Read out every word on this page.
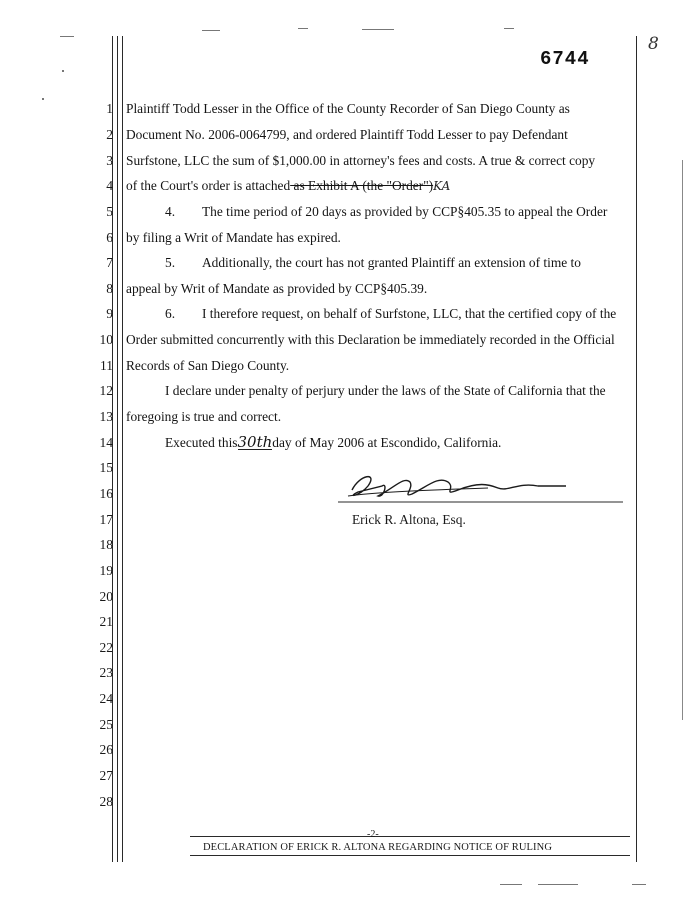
6744
8
1
2
3
4
5
6
7
8
9
10
11
12
13
14
15
16
17
18
19
20
21
22
23
24
25
26
27
28
Plaintiff Todd Lesser in the Office of the County Recorder of San Diego County as
Document No. 2006-0064799, and ordered Plaintiff Todd Lesser to pay Defendant
Surfstone, LLC the sum of $1,000.00 in attorney's fees and costs. A true & correct copy
of the Court's order is attached as Exhibit A (the "Order")KA
4. The time period of 20 days as provided by CCP§405.35 to appeal the Order
by filing a Writ of Mandate has expired.
5. Additionally, the court has not granted Plaintiff an extension of time to
appeal by Writ of Mandate as provided by CCP§405.39.
6. I therefore request, on behalf of Surfstone, LLC, that the certified copy of the
Order submitted concurrently with this Declaration be immediately recorded in the Official
Records of San Diego County.
I declare under penalty of perjury under the laws of the State of California that the
foregoing is true and correct.
Executed this30thday of May 2006 at Escondido, California.
Erick R. Altona, Esq.
-2-
DECLARATION OF ERICK R. ALTONA REGARDING NOTICE OF RULING
